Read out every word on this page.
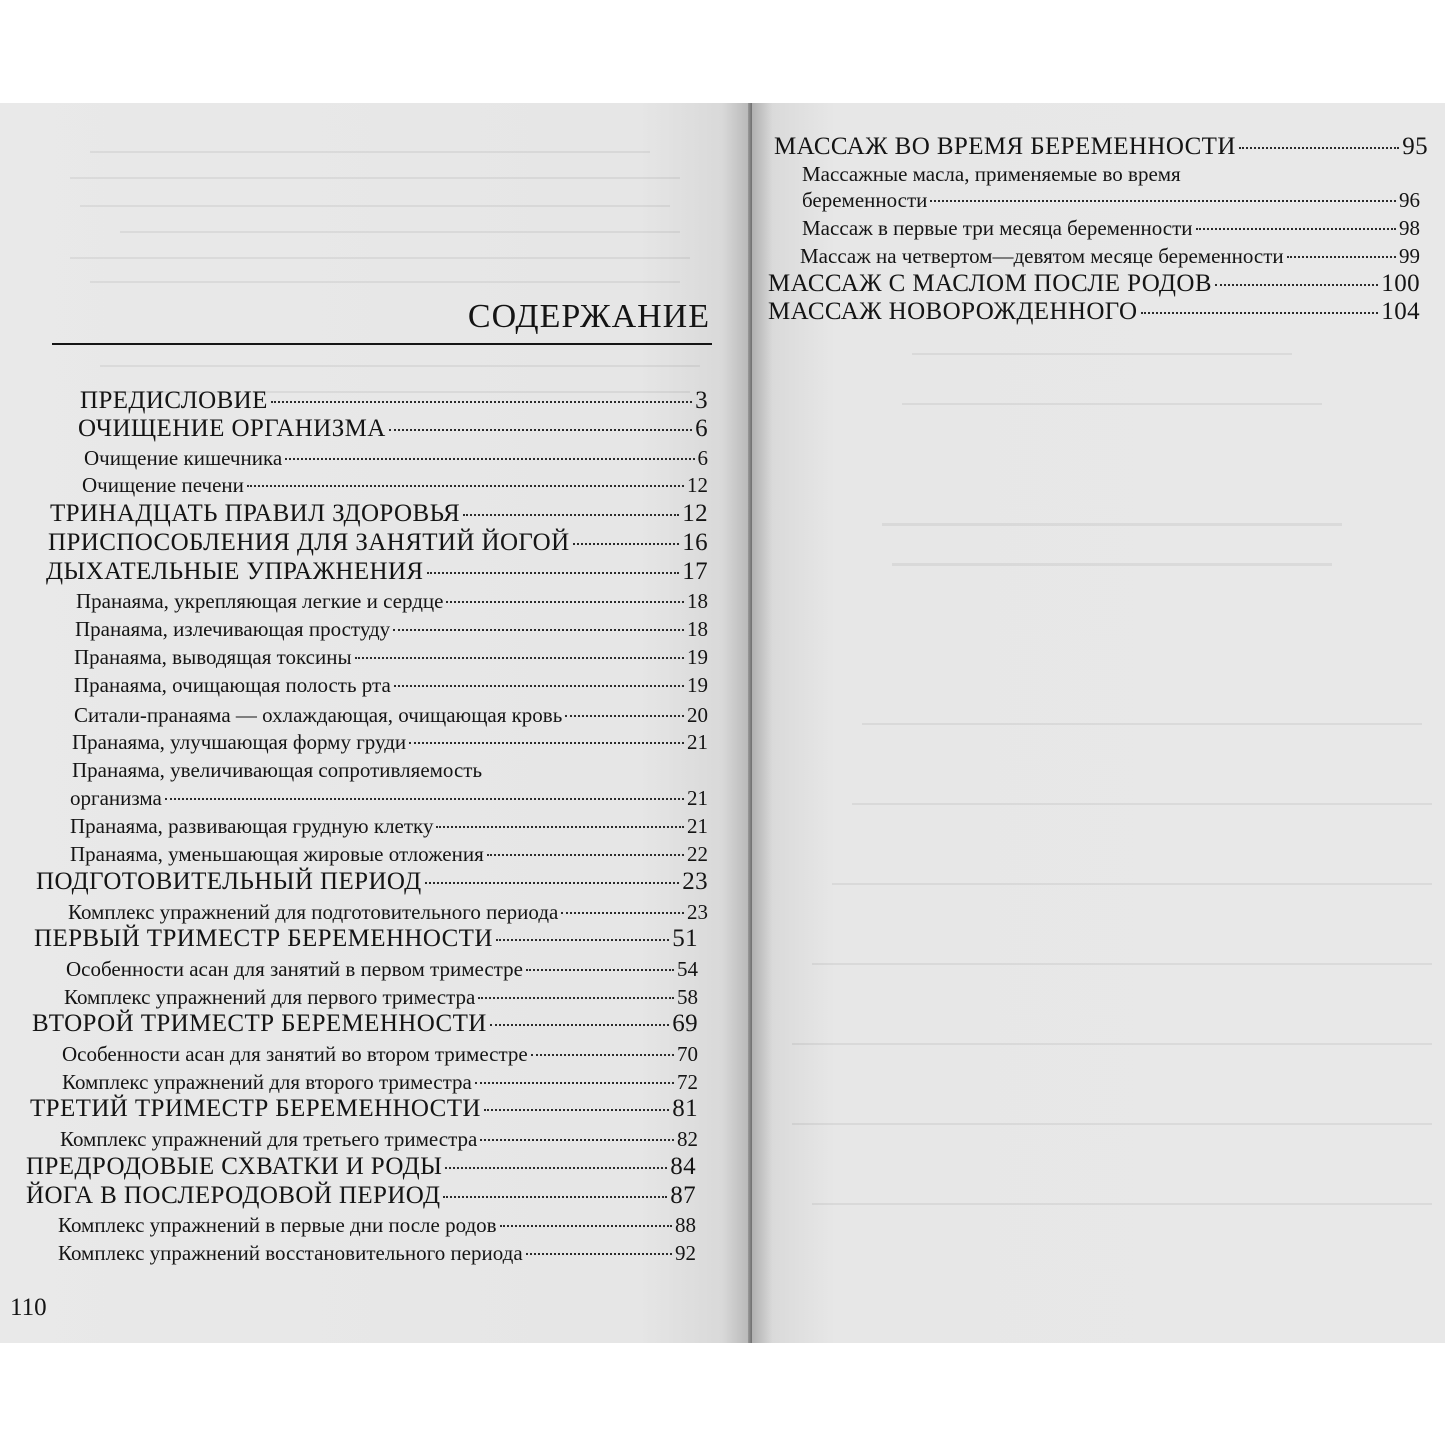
СОДЕРЖАНИЕ
ПРЕДИСЛОВИЕ	3
ОЧИЩЕНИЕ ОРГАНИЗМА	6
Очищение кишечника	6
Очищение печени	12
ТРИНАДЦАТЬ ПРАВИЛ ЗДОРОВЬЯ	12
ПРИСПОСОБЛЕНИЯ ДЛЯ ЗАНЯТИЙ ЙОГОЙ	16
ДЫХАТЕЛЬНЫЕ УПРАЖНЕНИЯ	17
Пранаяма, укрепляющая легкие и сердце	18
Пранаяма, излечивающая простуду	18
Пранаяма, выводящая токсины	19
Пранаяма, очищающая полость рта	19
Ситали-пранаяма — охлаждающая, очищающая кровь	20
Пранаяма, улучшающая форму груди	21
Пранаяма, увеличивающая сопротивляемость
организма	21
Пранаяма, развивающая грудную клетку	21
Пранаяма, уменьшающая жировые отложения	22
ПОДГОТОВИТЕЛЬНЫЙ ПЕРИОД	23
Комплекс упражнений для подготовительного периода	23
ПЕРВЫЙ ТРИМЕСТР БЕРЕМЕННОСТИ	51
Особенности асан для занятий в первом триместре	54
Комплекс упражнений для первого триместра	58
ВТОРОЙ ТРИМЕСТР БЕРЕМЕННОСТИ	69
Особенности асан для занятий во втором триместре	70
Комплекс упражнений для второго триместра	72
ТРЕТИЙ ТРИМЕСТР БЕРЕМЕННОСТИ	81
Комплекс упражнений для третьего триместра	82
ПРЕДРОДОВЫЕ СХВАТКИ И РОДЫ	84
ЙОГА В ПОСЛЕРОДОВОЙ ПЕРИОД	87
Комплекс упражнений в первые дни после родов	88
Комплекс упражнений восстановительного периода	92
110
МАССАЖ ВО ВРЕМЯ БЕРЕМЕННОСТИ	95
Массажные масла, применяемые во время
беременности	96
Массаж в первые три месяца беременности	98
Массаж на четвертом—девятом месяце беременности	99
МАССАЖ С МАСЛОМ ПОСЛЕ РОДОВ	100
МАССАЖ НОВОРОЖДЕННОГО	104
